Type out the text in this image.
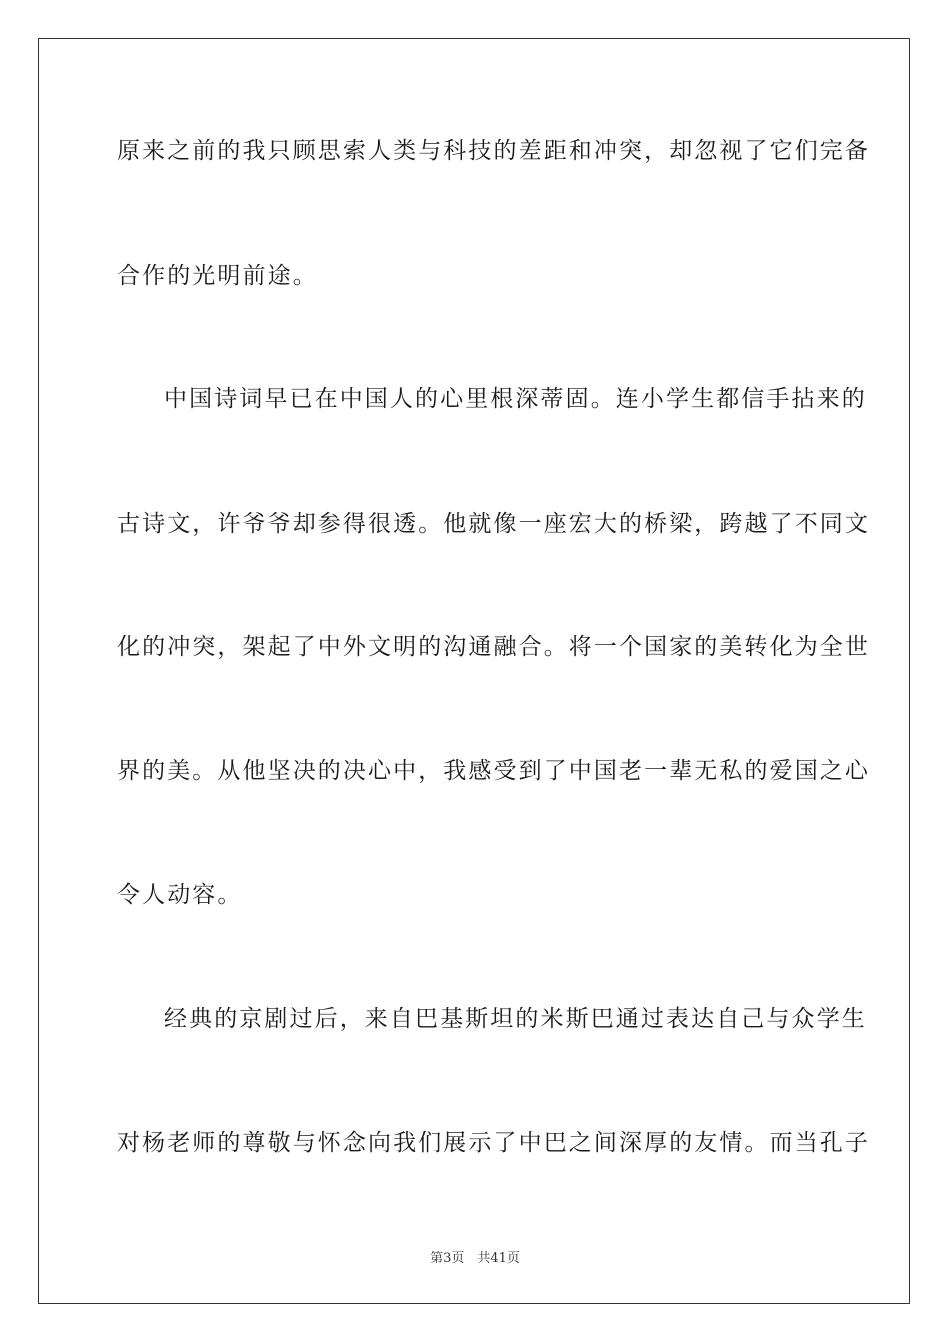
原来之前的我只顾思索人类与科技的差距和冲突，却忽视了它们完备

合作的光明前途。

中国诗词早已在中国人的心里根深蒂固。连小学生都信手拈来的

古诗文，许爷爷却参得很透。他就像一座宏大的桥梁，跨越了不同文

化的冲突，架起了中外文明的沟通融合。将一个国家的美转化为全世

界的美。从他坚决的决心中，我感受到了中国老一辈无私的爱国之心

令人动容。

经典的京剧过后，来自巴基斯坦的米斯巴通过表达自己与众学生

对杨老师的尊敬与怀念向我们展示了中巴之间深厚的友情。而当孔子

第3页　共41页
